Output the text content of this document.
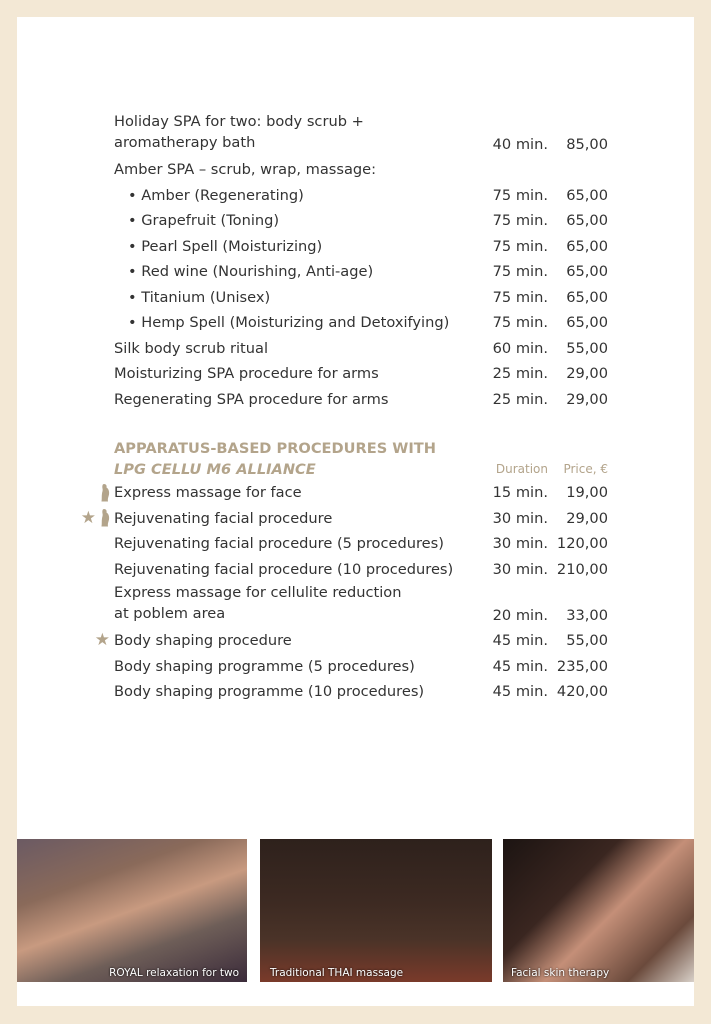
Holiday SPA for two: body scrub +
aromatherapy bath	40 min. 85,00
Amber SPA – scrub, wrap, massage:
• Amber (Regenerating)	75 min. 65,00
• Grapefruit (Toning)	75 min. 65,00
• Pearl Spell (Moisturizing)	75 min. 65,00
• Red wine (Nourishing, Anti-age)	75 min. 65,00
• Titanium (Unisex)	75 min. 65,00
• Hemp Spell (Moisturizing and Detoxifying)	75 min. 65,00
Silk body scrub ritual	60 min. 55,00
Moisturizing SPA procedure for arms	25 min. 29,00
Regenerating SPA procedure for arms	25 min. 29,00
APPARATUS-BASED PROCEDURES WITH
LPG CELLU M6 ALLIANCE	Duration Price, €
Express massage for face	15 min. 19,00
★ Rejuvenating facial procedure	30 min. 29,00
Rejuvenating facial procedure (5 procedures)	30 min. 120,00
Rejuvenating facial procedure (10 procedures)	30 min. 210,00
Express massage for cellulite reduction
at poblem area	20 min. 33,00
★ Body shaping procedure	45 min. 55,00
Body shaping programme (5 procedures)	45 min. 235,00
Body shaping programme (10 procedures)	45 min. 420,00
ROYAL relaxation for two	Traditional THAI massage	Facial skin therapy
